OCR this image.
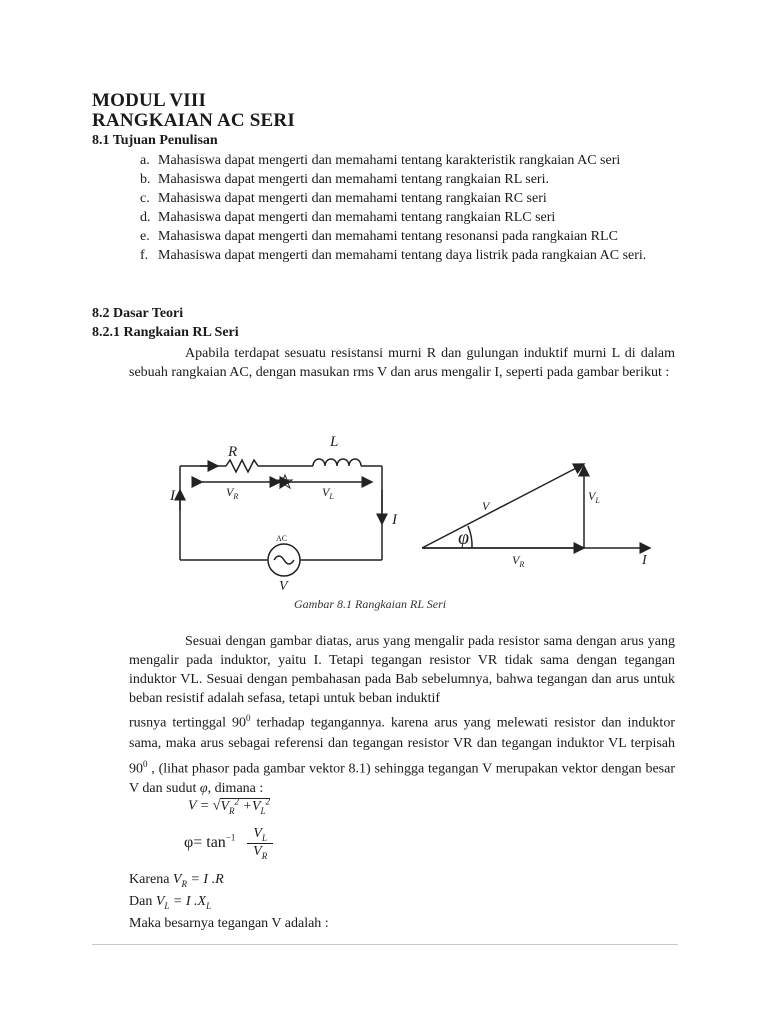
MODUL VIII
RANGKAIAN AC SERI
8.1 Tujuan Penulisan
a. Mahasiswa dapat mengerti dan memahami tentang karakteristik rangkaian AC seri
b. Mahasiswa dapat mengerti dan memahami tentang rangkaian RL seri.
c. Mahasiswa dapat mengerti dan memahami tentang rangkaian RC seri
d. Mahasiswa dapat mengerti dan memahami tentang rangkaian RLC seri
e. Mahasiswa dapat mengerti dan memahami tentang resonansi pada rangkaian RLC
f. Mahasiswa dapat mengerti dan memahami tentang daya listrik pada rangkaian AC seri.
8.2 Dasar Teori
8.2.1 Rangkaian RL Seri
Apabila terdapat sesuatu resistansi murni R dan gulungan induktif murni L di dalam sebuah rangkaian AC, dengan masukan rms V dan arus mengalir I, seperti pada gambar berikut :
R
L
$V_R$	$V_L$
I
I
AC
V
V
φ
$V_L$
$V_R$	I
Gambar 8.1 Rangkaian RL Seri
Sesuai dengan gambar diatas, arus yang mengalir pada resistor sama dengan arus yang mengalir pada induktor, yaitu I. Tetapi tegangan resistor VR tidak sama dengan tegangan induktor VL. Sesuai dengan pembahasan pada Bab sebelumnya, bahwa tegangan dan arus untuk beban resistif adalah sefasa, tetapi untuk beban induktif
rusnya tertinggal $90^0$ terhadap tegangannya. karena arus yang melewati resistor dan induktor sama, maka arus sebagai referensi dan tegangan resistor VR dan tegangan induktor VL terpisah $90^0$ , (lihat phasor pada gambar vektor 8.1) sehingga tegangan V merupakan vektor dengan besar V dan sudut φ, dimana :
$V = √V_R^2 +V_L^2$
$\varphi= \tan^{-1} \frac{V_L}{V_R}$
Karena $V_R = I$ .R
Dan $V_L = I$ $.X_L$
Maka besarnya tegangan V adalah :
